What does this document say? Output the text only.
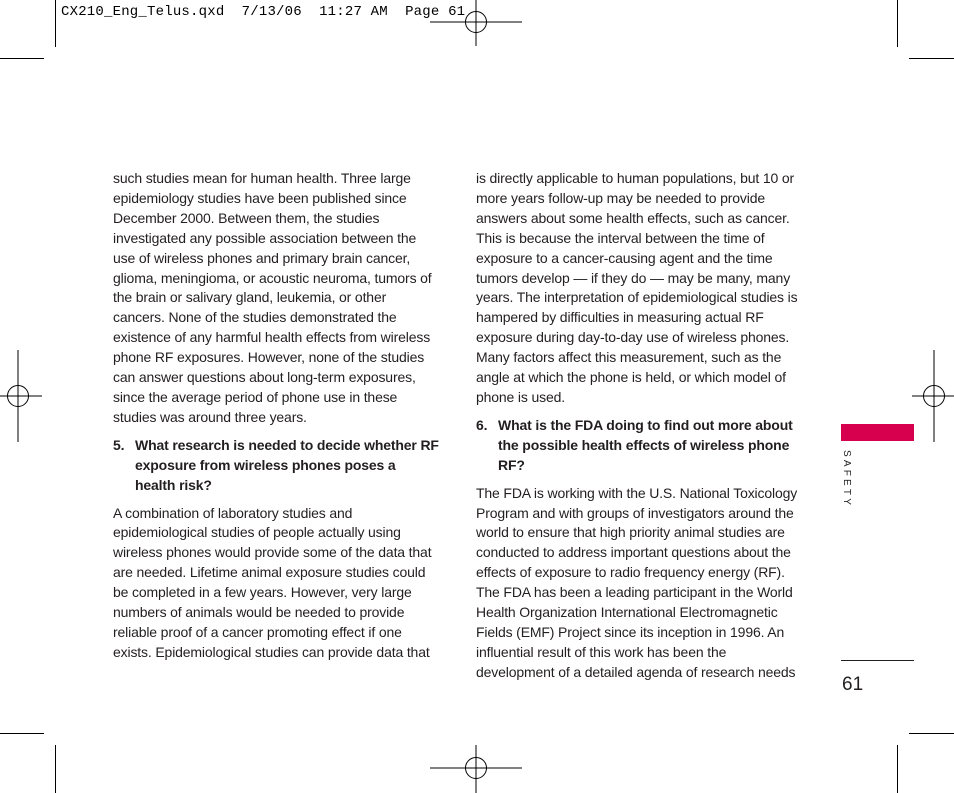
CX210_Eng_Telus.qxd 7/13/06 11:27 AM Page 61

such studies mean for human health. Three large epidemiology studies have been published since December 2000. Between them, the studies investigated any possible association between the use of wireless phones and primary brain cancer, glioma, meningioma, or acoustic neuroma, tumors of the brain or salivary gland, leukemia, or other cancers. None of the studies demonstrated the existence of any harmful health effects from wireless phone RF exposures. However, none of the studies can answer questions about long-term exposures, since the average period of phone use in these studies was around three years.

5. What research is needed to decide whether RF exposure from wireless phones poses a health risk?

A combination of laboratory studies and epidemiological studies of people actually using wireless phones would provide some of the data that are needed. Lifetime animal exposure studies could be completed in a few years. However, very large numbers of animals would be needed to provide reliable proof of a cancer promoting effect if one exists. Epidemiological studies can provide data that

is directly applicable to human populations, but 10 or more years follow-up may be needed to provide answers about some health effects, such as cancer. This is because the interval between the time of exposure to a cancer-causing agent and the time tumors develop — if they do — may be many, many years. The interpretation of epidemiological studies is hampered by difficulties in measuring actual RF exposure during day-to-day use of wireless phones. Many factors affect this measurement, such as the angle at which the phone is held, or which model of phone is used.

6. What is the FDA doing to find out more about the possible health effects of wireless phone RF?

The FDA is working with the U.S. National Toxicology Program and with groups of investigators around the world to ensure that high priority animal studies are conducted to address important questions about the effects of exposure to radio frequency energy (RF). The FDA has been a leading participant in the World Health Organization International Electromagnetic Fields (EMF) Project since its inception in 1996. An influential result of this work has been the development of a detailed agenda of research needs

SAFETY
61
